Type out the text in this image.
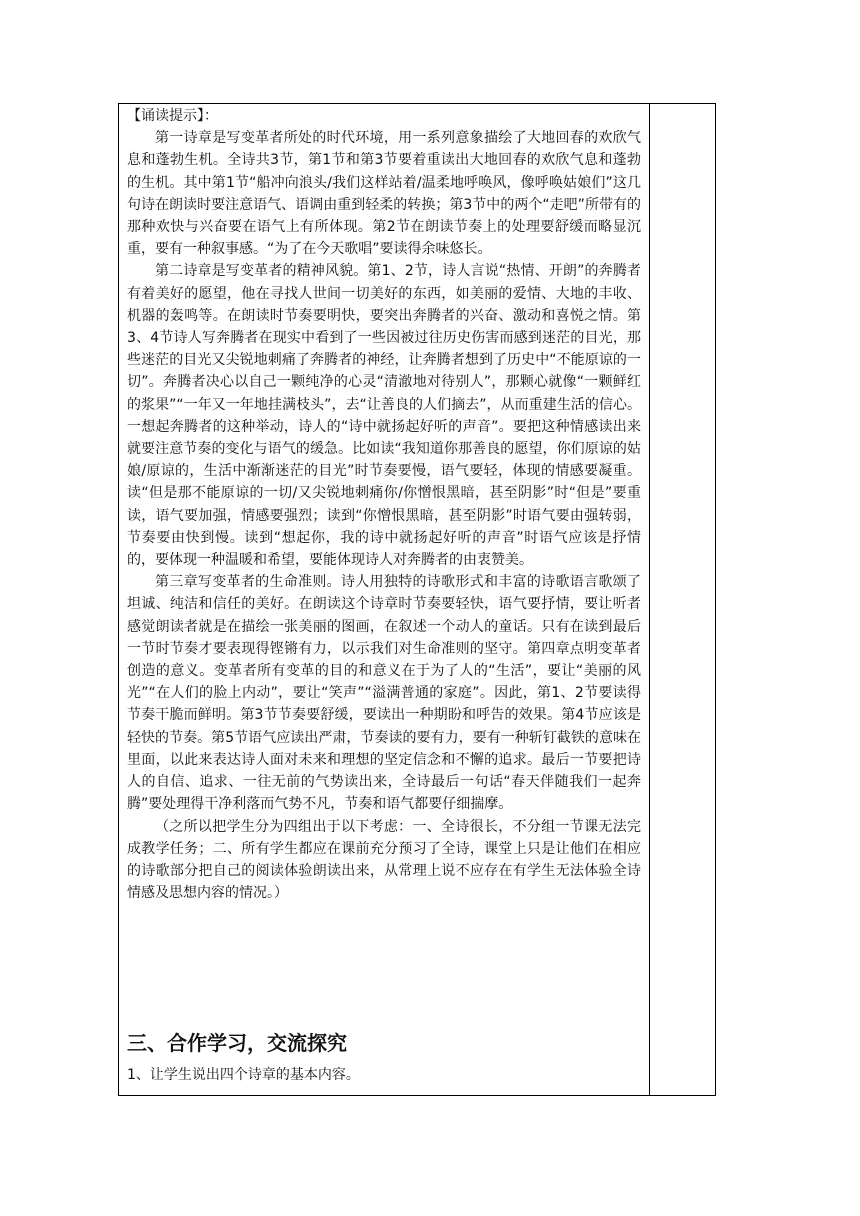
【诵读提示】：

第一诗章是写变革者所处的时代环境，用一系列意象描绘了大地回春的欢欣气息和蓬勃生机。全诗共3节，第1节和第3节要着重读出大地回春的欢欣气息和蓬勃的生机。其中第1节“船冲向浪头/我们这样站着/温柔地呼唤风，像呼唤姑娘们”这几句诗在朗读时要注意语气、语调由重到轻柔的转换；第3节中的两个“走吧”所带有的那种欢快与兴奋要在语气上有所体现。第2节在朗读节奏上的处理要舒缓而略显沉重，要有一种叙事感。“为了在今天歌唱”要读得余味悠长。

第二诗章是写变革者的精神风貌。第1、2节，诗人言说“热情、开朗”的奔腾者有着美好的愿望，他在寻找人世间一切美好的东西，如美丽的爱情、大地的丰收、机器的轰鸣等。在朗读时节奏要明快，要突出奔腾者的兴奋、激动和喜悦之情。第3、4节诗人写奔腾者在现实中看到了一些因被过往历史伤害而感到迷茫的目光，那些迷茫的目光又尖锐地刺痛了奔腾者的神经，让奔腾者想到了历史中“不能原谅的一切”。奔腾者决心以自己一颗纯净的心灵“清澈地对待别人”，那颗心就像“一颗鲜红的浆果”“一年又一年地挂满枝头”，去“让善良的人们摘去”，从而重建生活的信心。一想起奔腾者的这种举动，诗人的“诗中就扬起好听的声音”。要把这种情感读出来就要注意节奏的变化与语气的缓急。比如读“我知道你那善良的愿望，你们原谅的姑娘/原谅的，生活中渐渐迷茫的目光”时节奏要慢，语气要轻，体现的情感要凝重。读“但是那不能原谅的一切/又尖锐地刺痛你/你憎恨黑暗，甚至阴影”时“但是”要重读，语气要加强，情感要强烈；读到“你憎恨黑暗，甚至阴影”时语气要由强转弱，节奏要由快到慢。读到“想起你，我的诗中就扬起好听的声音”时语气应该是抒情的，要体现一种温暖和希望，要能体现诗人对奔腾者的由衷赞美。

第三章写变革者的生命准则。诗人用独特的诗歌形式和丰富的诗歌语言歌颂了坦诚、纯洁和信任的美好。在朗读这个诗章时节奏要轻快，语气要抒情，要让听者感觉朗读者就是在描绘一张美丽的图画，在叙述一个动人的童话。只有在读到最后一节时节奏才要表现得铿锵有力，以示我们对生命准则的坚守。第四章点明变革者创造的意义。变革者所有变革的目的和意义在于为了人的“生活”，要让“美丽的风光”“在人们的脸上内动”，要让“笑声”“溢满普通的家庭”。因此，第1、2节要读得节奏干脆而鲜明。第3节节奏要舒缓，要读出一种期盼和呼告的效果。第4节应该是轻快的节奏。第5节语气应读出严肃，节奏读的要有力，要有一种斩钉截铁的意味在里面，以此来表达诗人面对未来和理想的坚定信念和不懈的追求。最后一节要把诗人的自信、追求、一往无前的气势读出来，全诗最后一句话“春天伴随我们一起奔腾”要处理得干净利落而气势不凡，节奏和语气都要仔细揣摩。

（之所以把学生分为四组出于以下考虑：一、全诗很长，不分组一节课无法完成教学任务；二、所有学生都应在课前充分预习了全诗，课堂上只是让他们在相应的诗歌部分把自己的阅读体验朗读出来，从常理上说不应存在有学生无法体验全诗情感及思想内容的情况。）

三、合作学习，交流探究

1、让学生说出四个诗章的基本内容。
